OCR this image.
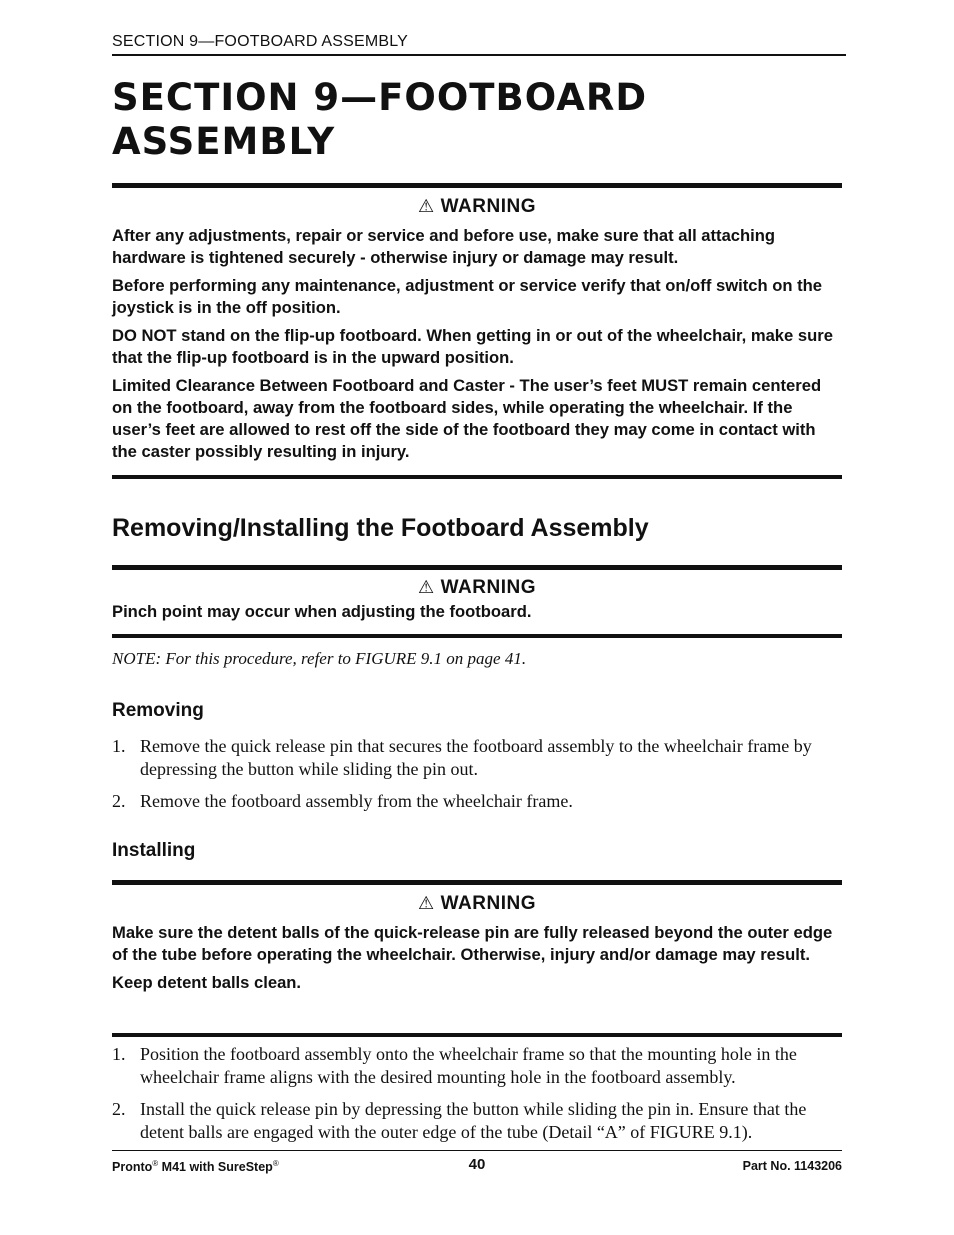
SECTION 9—FOOTBOARD ASSEMBLY
SECTION 9—FOOTBOARD
ASSEMBLY
⚠ WARNING

After any adjustments, repair or service and before use, make sure that all attaching hardware is tightened securely - otherwise injury or damage may result.

Before performing any maintenance, adjustment or service verify that on/off switch on the joystick is in the off position.

DO NOT stand on the flip-up footboard. When getting in or out of the wheelchair, make sure that the flip-up footboard is in the upward position.

Limited Clearance Between Footboard and Caster - The user’s feet MUST remain centered on the footboard, away from the footboard sides, while operating the wheelchair. If the user’s feet are allowed to rest off the side of the footboard they may come in contact with the caster possibly resulting in injury.

Removing/Installing the Footboard Assembly
⚠ WARNING

Pinch point may occur when adjusting the footboard.

NOTE: For this procedure, refer to FIGURE 9.1 on page 41.
Removing
1. Remove the quick release pin that secures the footboard assembly to the wheelchair frame by depressing the button while sliding the pin out.
2. Remove the footboard assembly from the wheelchair frame.
Installing
⚠ WARNING

Make sure the detent balls of the quick-release pin are fully released beyond the outer edge of the tube before operating the wheelchair. Otherwise, injury and/or damage may result.

Keep detent balls clean.

1. Position the footboard assembly onto the wheelchair frame so that the mounting hole in the wheelchair frame aligns with the desired mounting hole in the footboard assembly.
2. Install the quick release pin by depressing the button while sliding the pin in. Ensure that the detent balls are engaged with the outer edge of the tube (Detail “A” of FIGURE 9.1).
Pronto® M41 with SureStep®	40	Part No. 1143206
